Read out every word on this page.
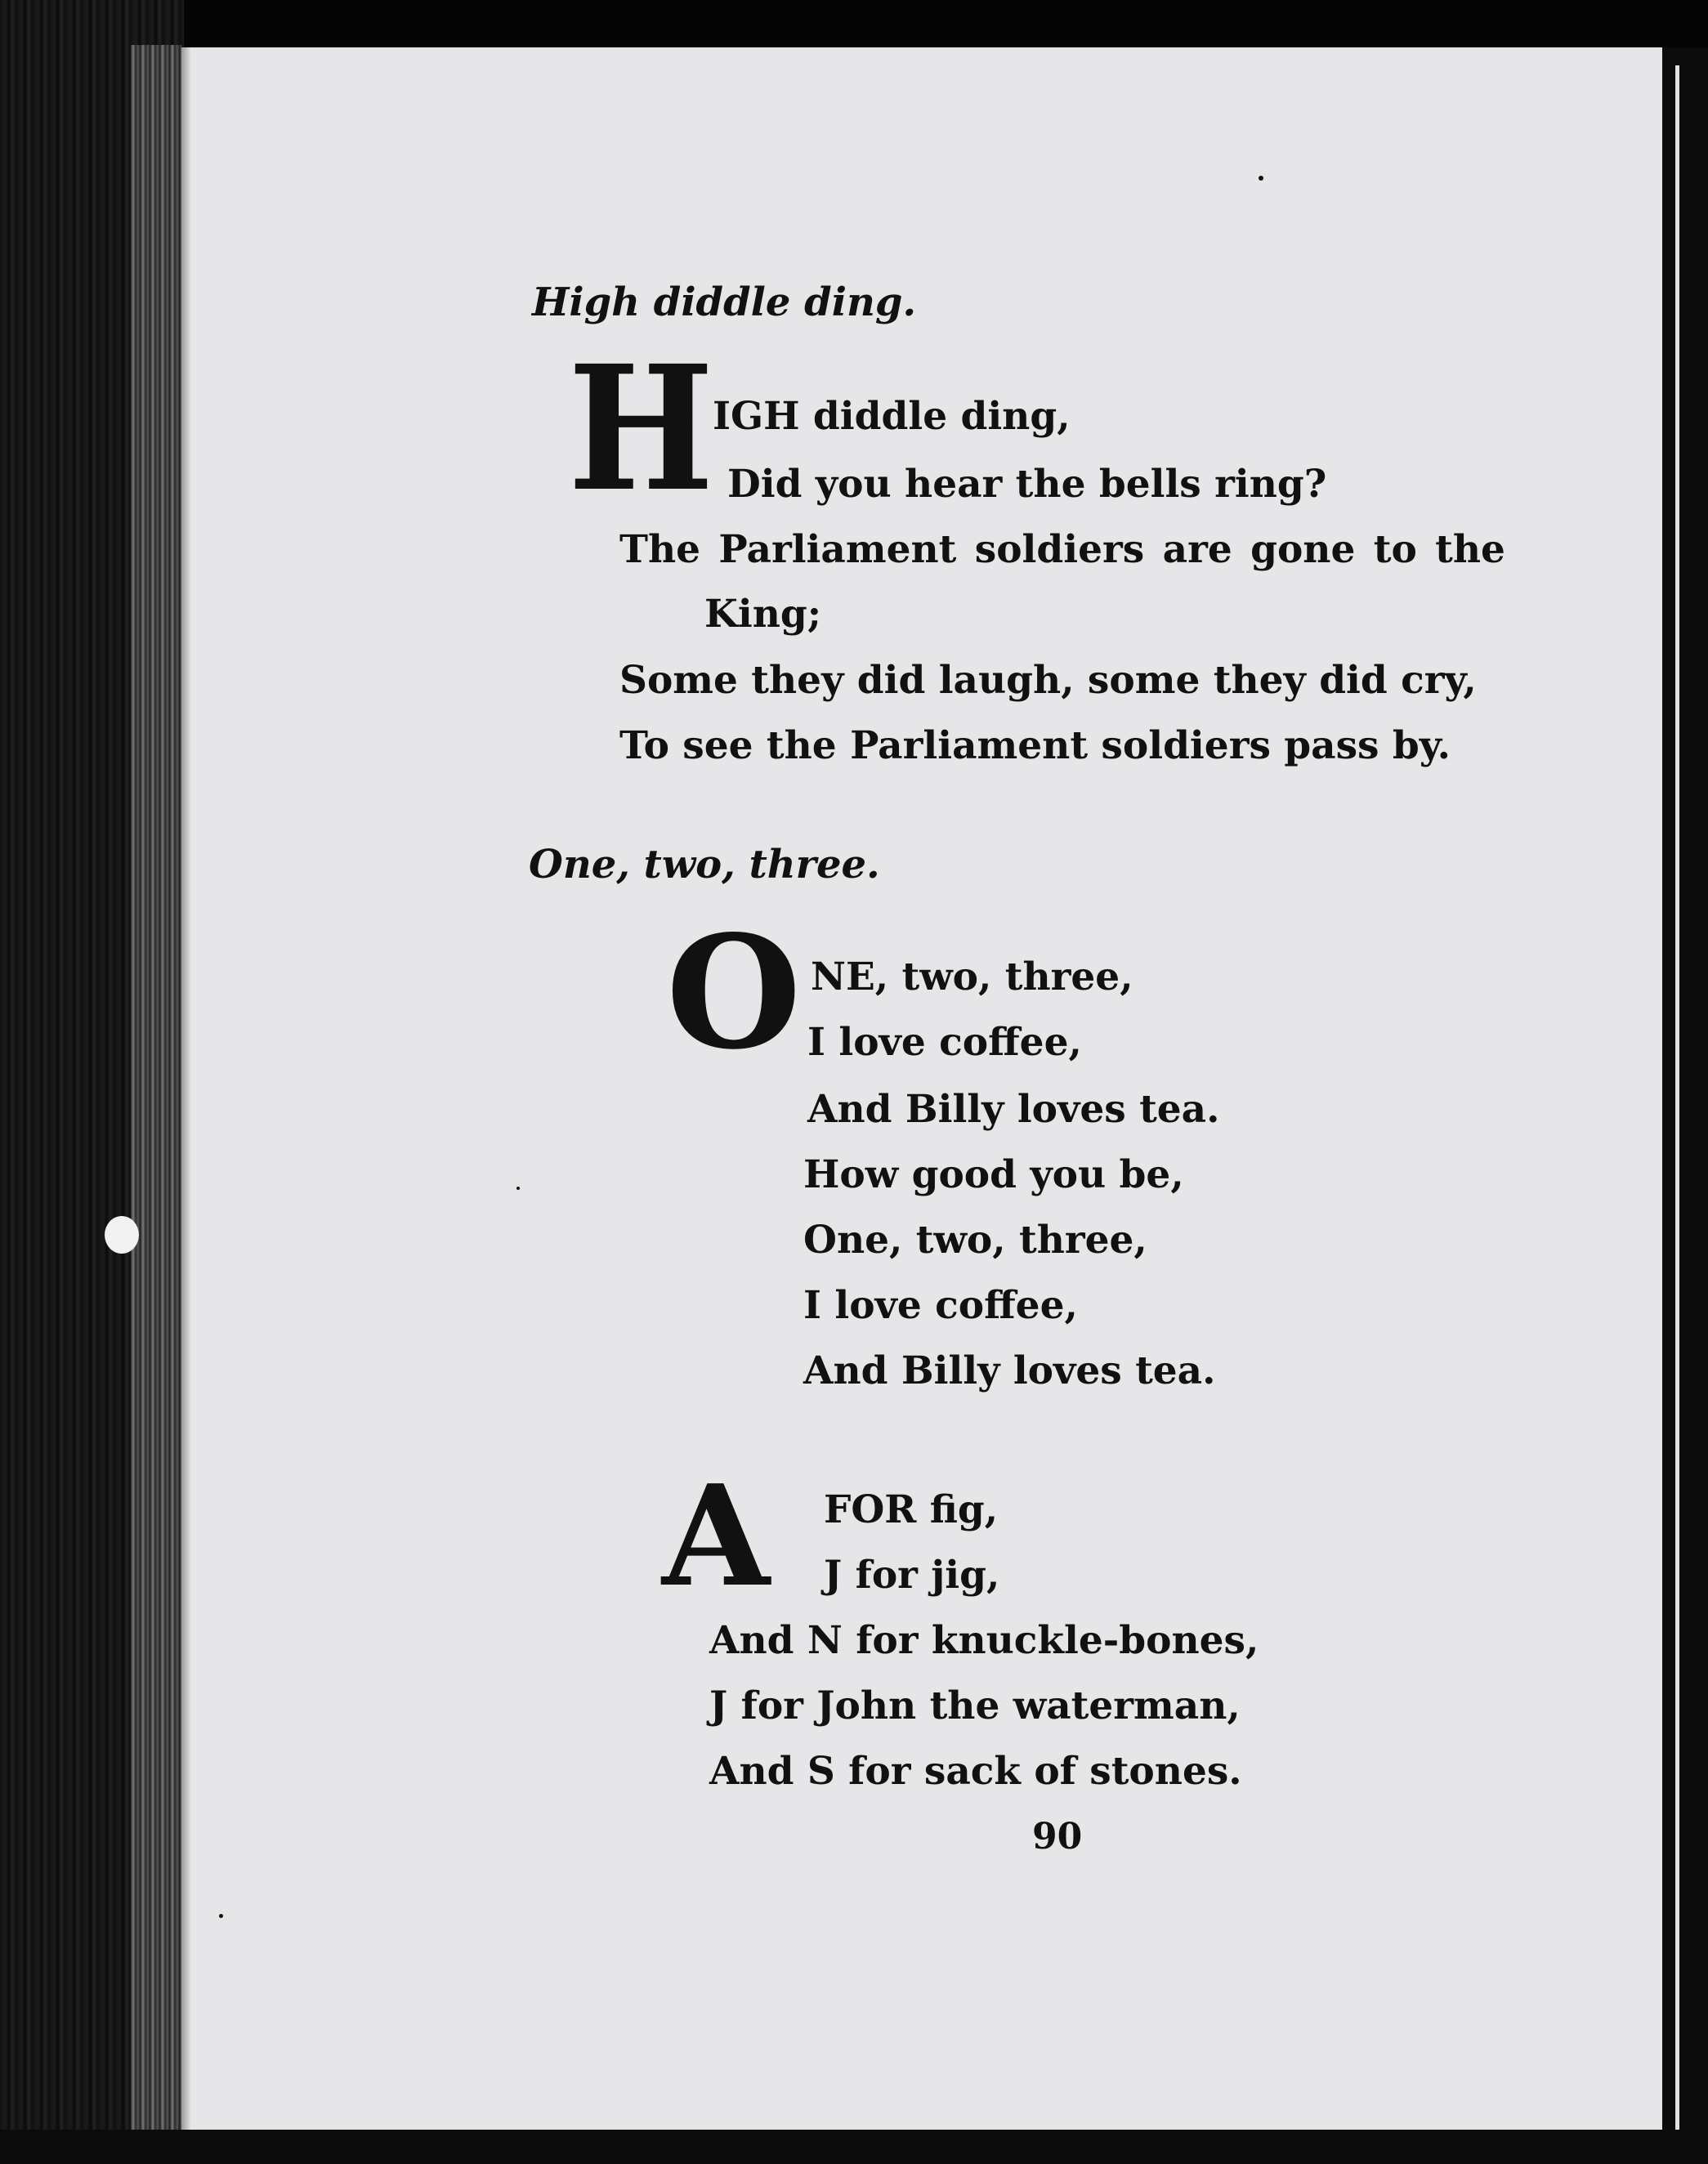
High diddle ding.
H
IGH diddle ding,
Did you hear the bells ring?
The Parliament soldiers are gone to the
King;
Some they did laugh, some they did cry,
To see the Parliament soldiers pass by.
One, two, three.
O NE, two, three,
I love coffee,
And Billy loves tea.
How good you be,
One, two, three,
I love coffee,
And Billy loves tea.
A FOR fig,
J for jig,
And N for knuckle-bones,
J for John the waterman,
And S for sack of stones.
90
